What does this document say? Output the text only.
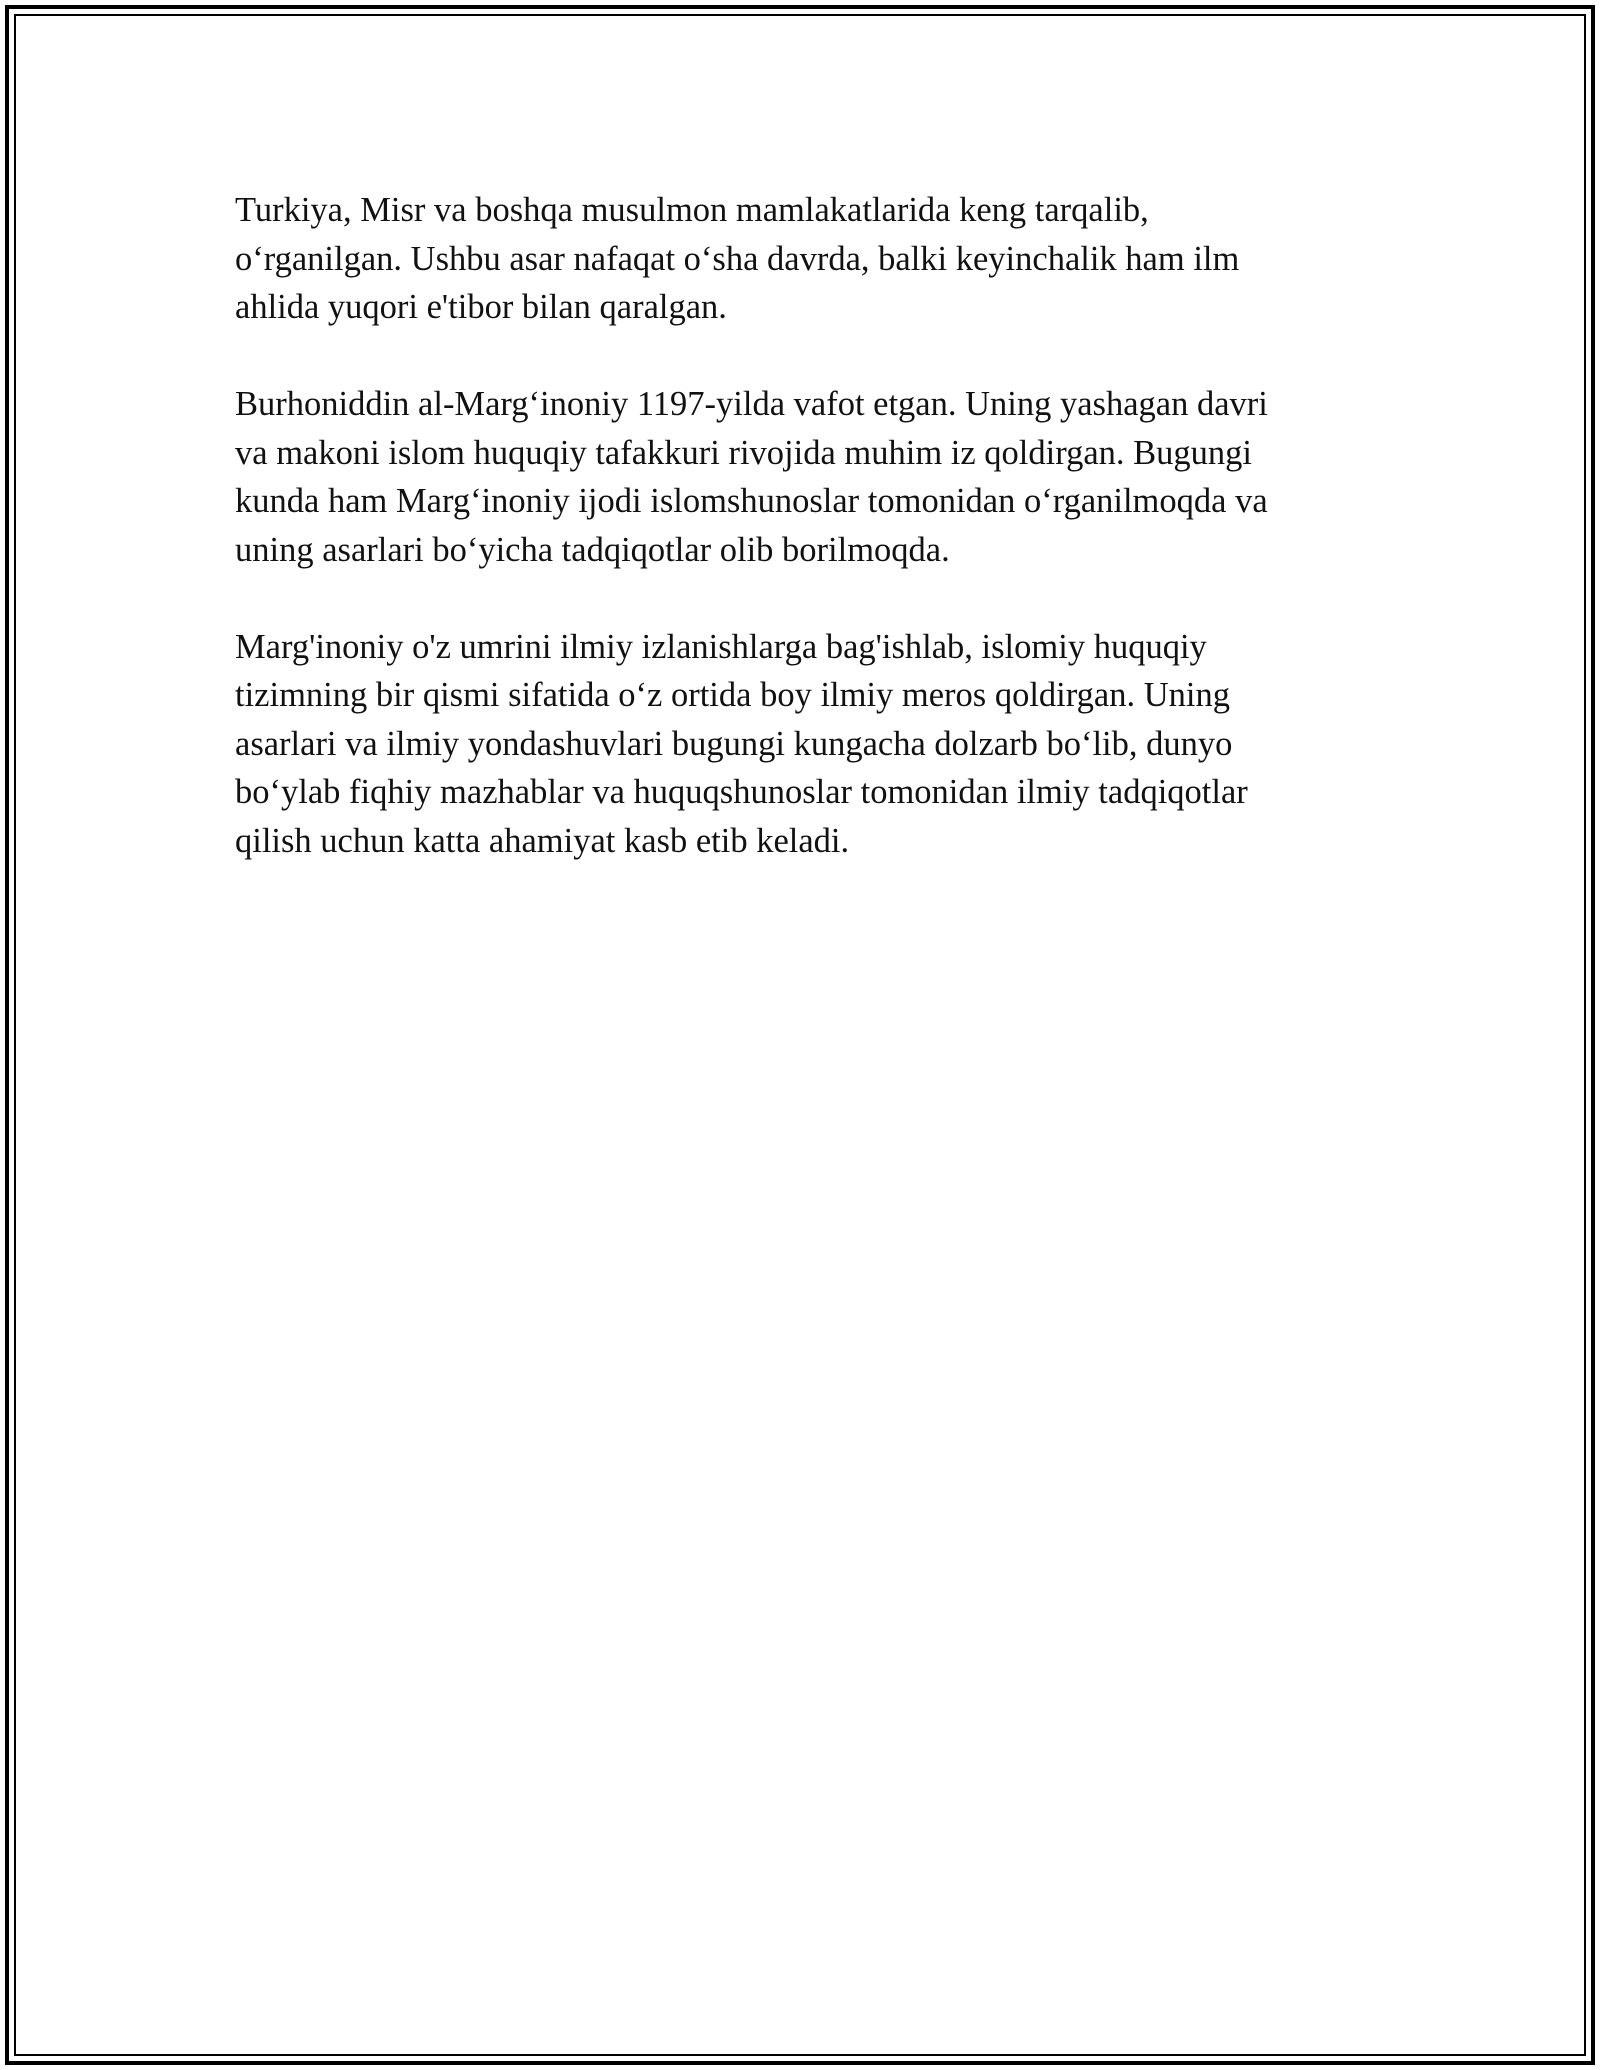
Turkiya, Misr va boshqa musulmon mamlakatlarida keng tarqalib,
o‘rganilgan. Ushbu asar nafaqat o‘sha davrda, balki keyinchalik ham ilm
ahlida yuqori e'tibor bilan qaralgan.

Burhoniddin al-Marg‘inoniy 1197-yilda vafot etgan. Uning yashagan davri
va makoni islom huquqiy tafakkuri rivojida muhim iz qoldirgan. Bugungi
kunda ham Marg‘inoniy ijodi islomshunoslar tomonidan o‘rganilmoqda va
uning asarlari bo‘yicha tadqiqotlar olib borilmoqda.

Marg'inoniy o'z umrini ilmiy izlanishlarga bag'ishlab, islomiy huquqiy
tizimning bir qismi sifatida o‘z ortida boy ilmiy meros qoldirgan. Uning
asarlari va ilmiy yondashuvlari bugungi kungacha dolzarb bo‘lib, dunyo
bo‘ylab fiqhiy mazhablar va huquqshunoslar tomonidan ilmiy tadqiqotlar
qilish uchun katta ahamiyat kasb etib keladi.
